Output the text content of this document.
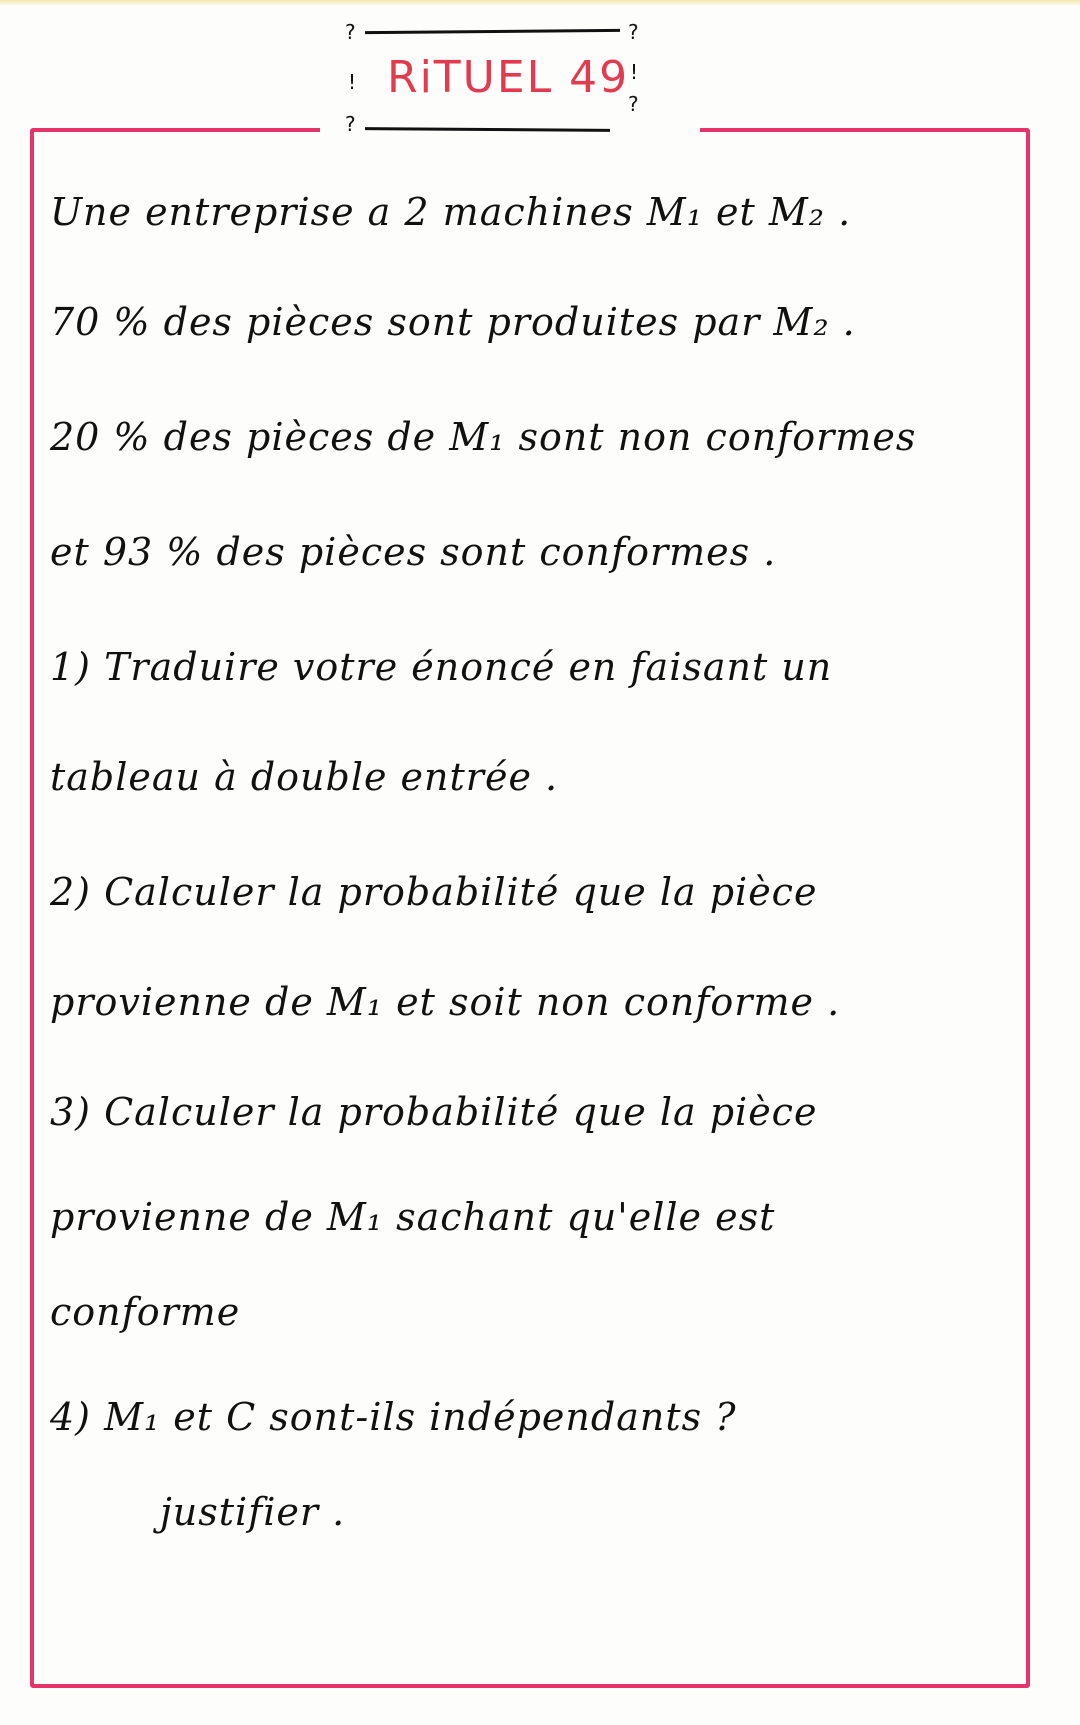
?
!
?
?
!
?
RiTUEL 49
Une entreprise a 2 machines M₁ et M₂ .
70 % des pièces sont produites par M₂ .
20 % des pièces de M₁ sont non conformes
et 93 % des pièces sont conformes .
1) Traduire votre énoncé en faisant un
tableau à double entrée .
2) Calculer la probabilité que la pièce
provienne de M₁ et soit non conforme .
3) Calculer la probabilité que la pièce
provienne de M₁ sachant qu'elle est
conforme
4) M₁ et C sont-ils indépendants ?
justifier .
